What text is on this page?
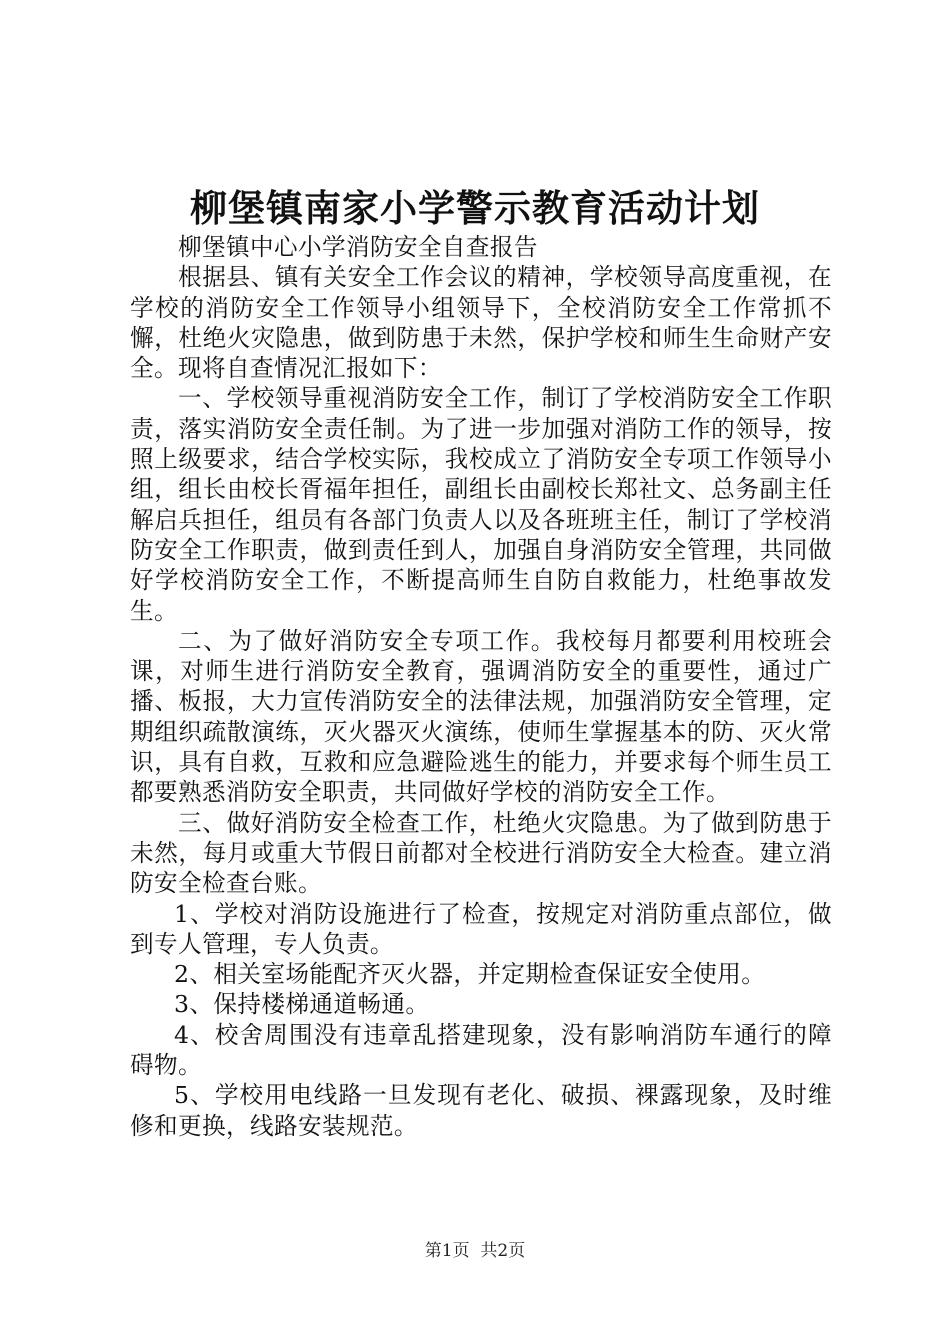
柳堡镇南家小学警示教育活动计划

柳堡镇中心小学消防安全自查报告

根据县、镇有关安全工作会议的精神，学校领导高度重视，在学校的消防安全工作领导小组领导下，全校消防安全工作常抓不懈，杜绝火灾隐患，做到防患于未然，保护学校和师生生命财产安全。现将自查情况汇报如下：

一、学校领导重视消防安全工作，制订了学校消防安全工作职责，落实消防安全责任制。为了进一步加强对消防工作的领导，按照上级要求，结合学校实际，我校成立了消防安全专项工作领导小组，组长由校长胥福年担任，副组长由副校长郑社文、总务副主任解启兵担任，组员有各部门负责人以及各班班主任，制订了学校消防安全工作职责，做到责任到人，加强自身消防安全管理，共同做好学校消防安全工作，不断提高师生自防自救能力，杜绝事故发生。

二、为了做好消防安全专项工作。我校每月都要利用校班会课，对师生进行消防安全教育，强调消防安全的重要性，通过广播、板报，大力宣传消防安全的法律法规，加强消防安全管理，定期组织疏散演练，灭火器灭火演练，使师生掌握基本的防、灭火常识，具有自救，互救和应急避险逃生的能力，并要求每个师生员工都要熟悉消防安全职责，共同做好学校的消防安全工作。

三、做好消防安全检查工作，杜绝火灾隐患。为了做到防患于未然，每月或重大节假日前都对全校进行消防安全大检查。建立消防安全检查台账。

1、学校对消防设施进行了检查，按规定对消防重点部位，做到专人管理，专人负责。

2、相关室场能配齐灭火器，并定期检查保证安全使用。

3、保持楼梯通道畅通。

4、校舍周围没有违章乱搭建现象，没有影响消防车通行的障碍物。

5、学校用电线路一旦发现有老化、破损、裸露现象，及时维修和更换，线路安装规范。

第1页 共2页
